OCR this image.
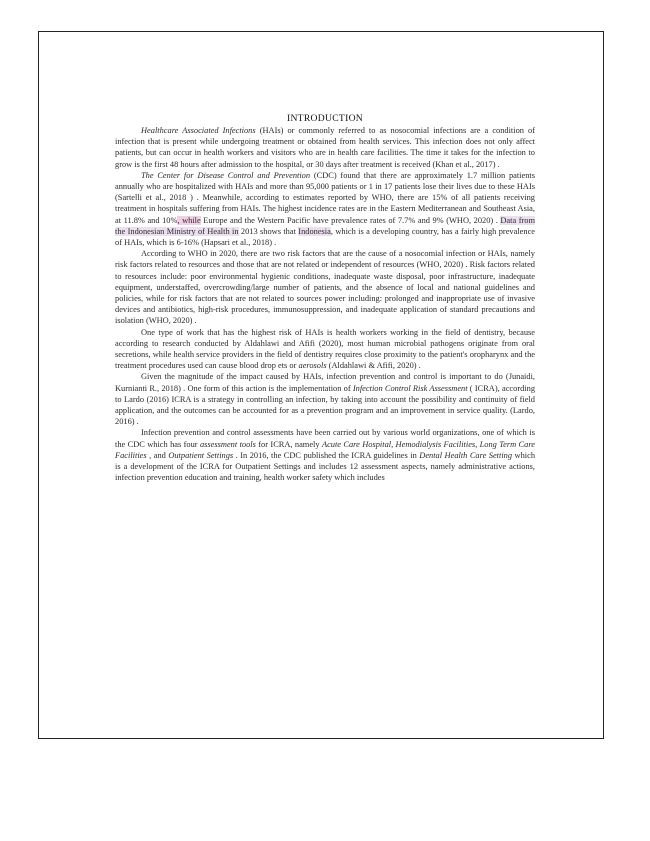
INTRODUCTION

Healthcare Associated Infections (HAIs) or commonly referred to as nosocomial infections are a condition of infection that is present while undergoing treatment or obtained from health services. This infection does not only affect patients, but can occur in health workers and visitors who are in health care facilities. The time it takes for the infection to grow is the first 48 hours after admission to the hospital, or 30 days after treatment is received (Khan et al., 2017) .

The Center for Disease Control and Prevention (CDC) found that there are approximately 1.7 million patients annually who are hospitalized with HAIs and more than 95,000 patients or 1 in 17 patients lose their lives due to these HAIs (Sartelli et al., 2018 ) . Meanwhile, according to estimates reported by WHO, there are 15% of all patients receiving treatment in hospitals suffering from HAIs. The highest incidence rates are in the Eastern Mediterranean and Southeast Asia, at 11.8% and 10%, while Europe and the Western Pacific have prevalence rates of 7.7% and 9% (WHO, 2020) . Data from the Indonesian Ministry of Health in 2013 shows that Indonesia, which is a developing country, has a fairly high prevalence of HAIs, which is 6-16% (Hapsari et al., 2018) .

According to WHO in 2020, there are two risk factors that are the cause of a nosocomial infection or HAIs, namely risk factors related to resources and those that are not related or independent of resources (WHO, 2020) . Risk factors related to resources include: poor environmental hygienic conditions, inadequate waste disposal, poor infrastructure, inadequate equipment, understaffed, overcrowding/large number of patients, and the absence of local and national guidelines and policies, while for risk factors that are not related to sources power including: prolonged and inappropriate use of invasive devices and antibiotics, high-risk procedures, immunosuppression, and inadequate application of standard precautions and isolation (WHO, 2020) .

One type of work that has the highest risk of HAIs is health workers working in the field of dentistry, because according to research conducted by Aldahlawi and Afifi (2020), most human microbial pathogens originate from oral secretions, while health service providers in the field of dentistry requires close proximity to the patient's oropharynx and the treatment procedures used can cause blood drop ets or aerosols (Aldahlawi & Afifi, 2020) .

Given the magnitude of the impact caused by HAIs, infection prevention and control is important to do (Junaidi, Kurnianti R., 2018) . One form of this action is the implementation of Infection Control Risk Assessment ( ICRA), according to Lardo (2016) ICRA is a strategy in controlling an infection, by taking into account the possibility and continuity of field application, and the outcomes can be accounted for as a prevention program and an improvement in service quality. (Lardo, 2016) .

Infection prevention and control assessments have been carried out by various world organizations, one of which is the CDC which has four assessment tools for ICRA, namely Acute Care Hospital, Hemodialysis Facilities, Long Term Care Facilities , and Outpatient Settings . In 2016, the CDC published the ICRA guidelines in Dental Health Care Setting which is a development of the ICRA for Outpatient Settings and includes 12 assessment aspects, namely administrative actions, infection prevention education and training, health worker safety which includes
